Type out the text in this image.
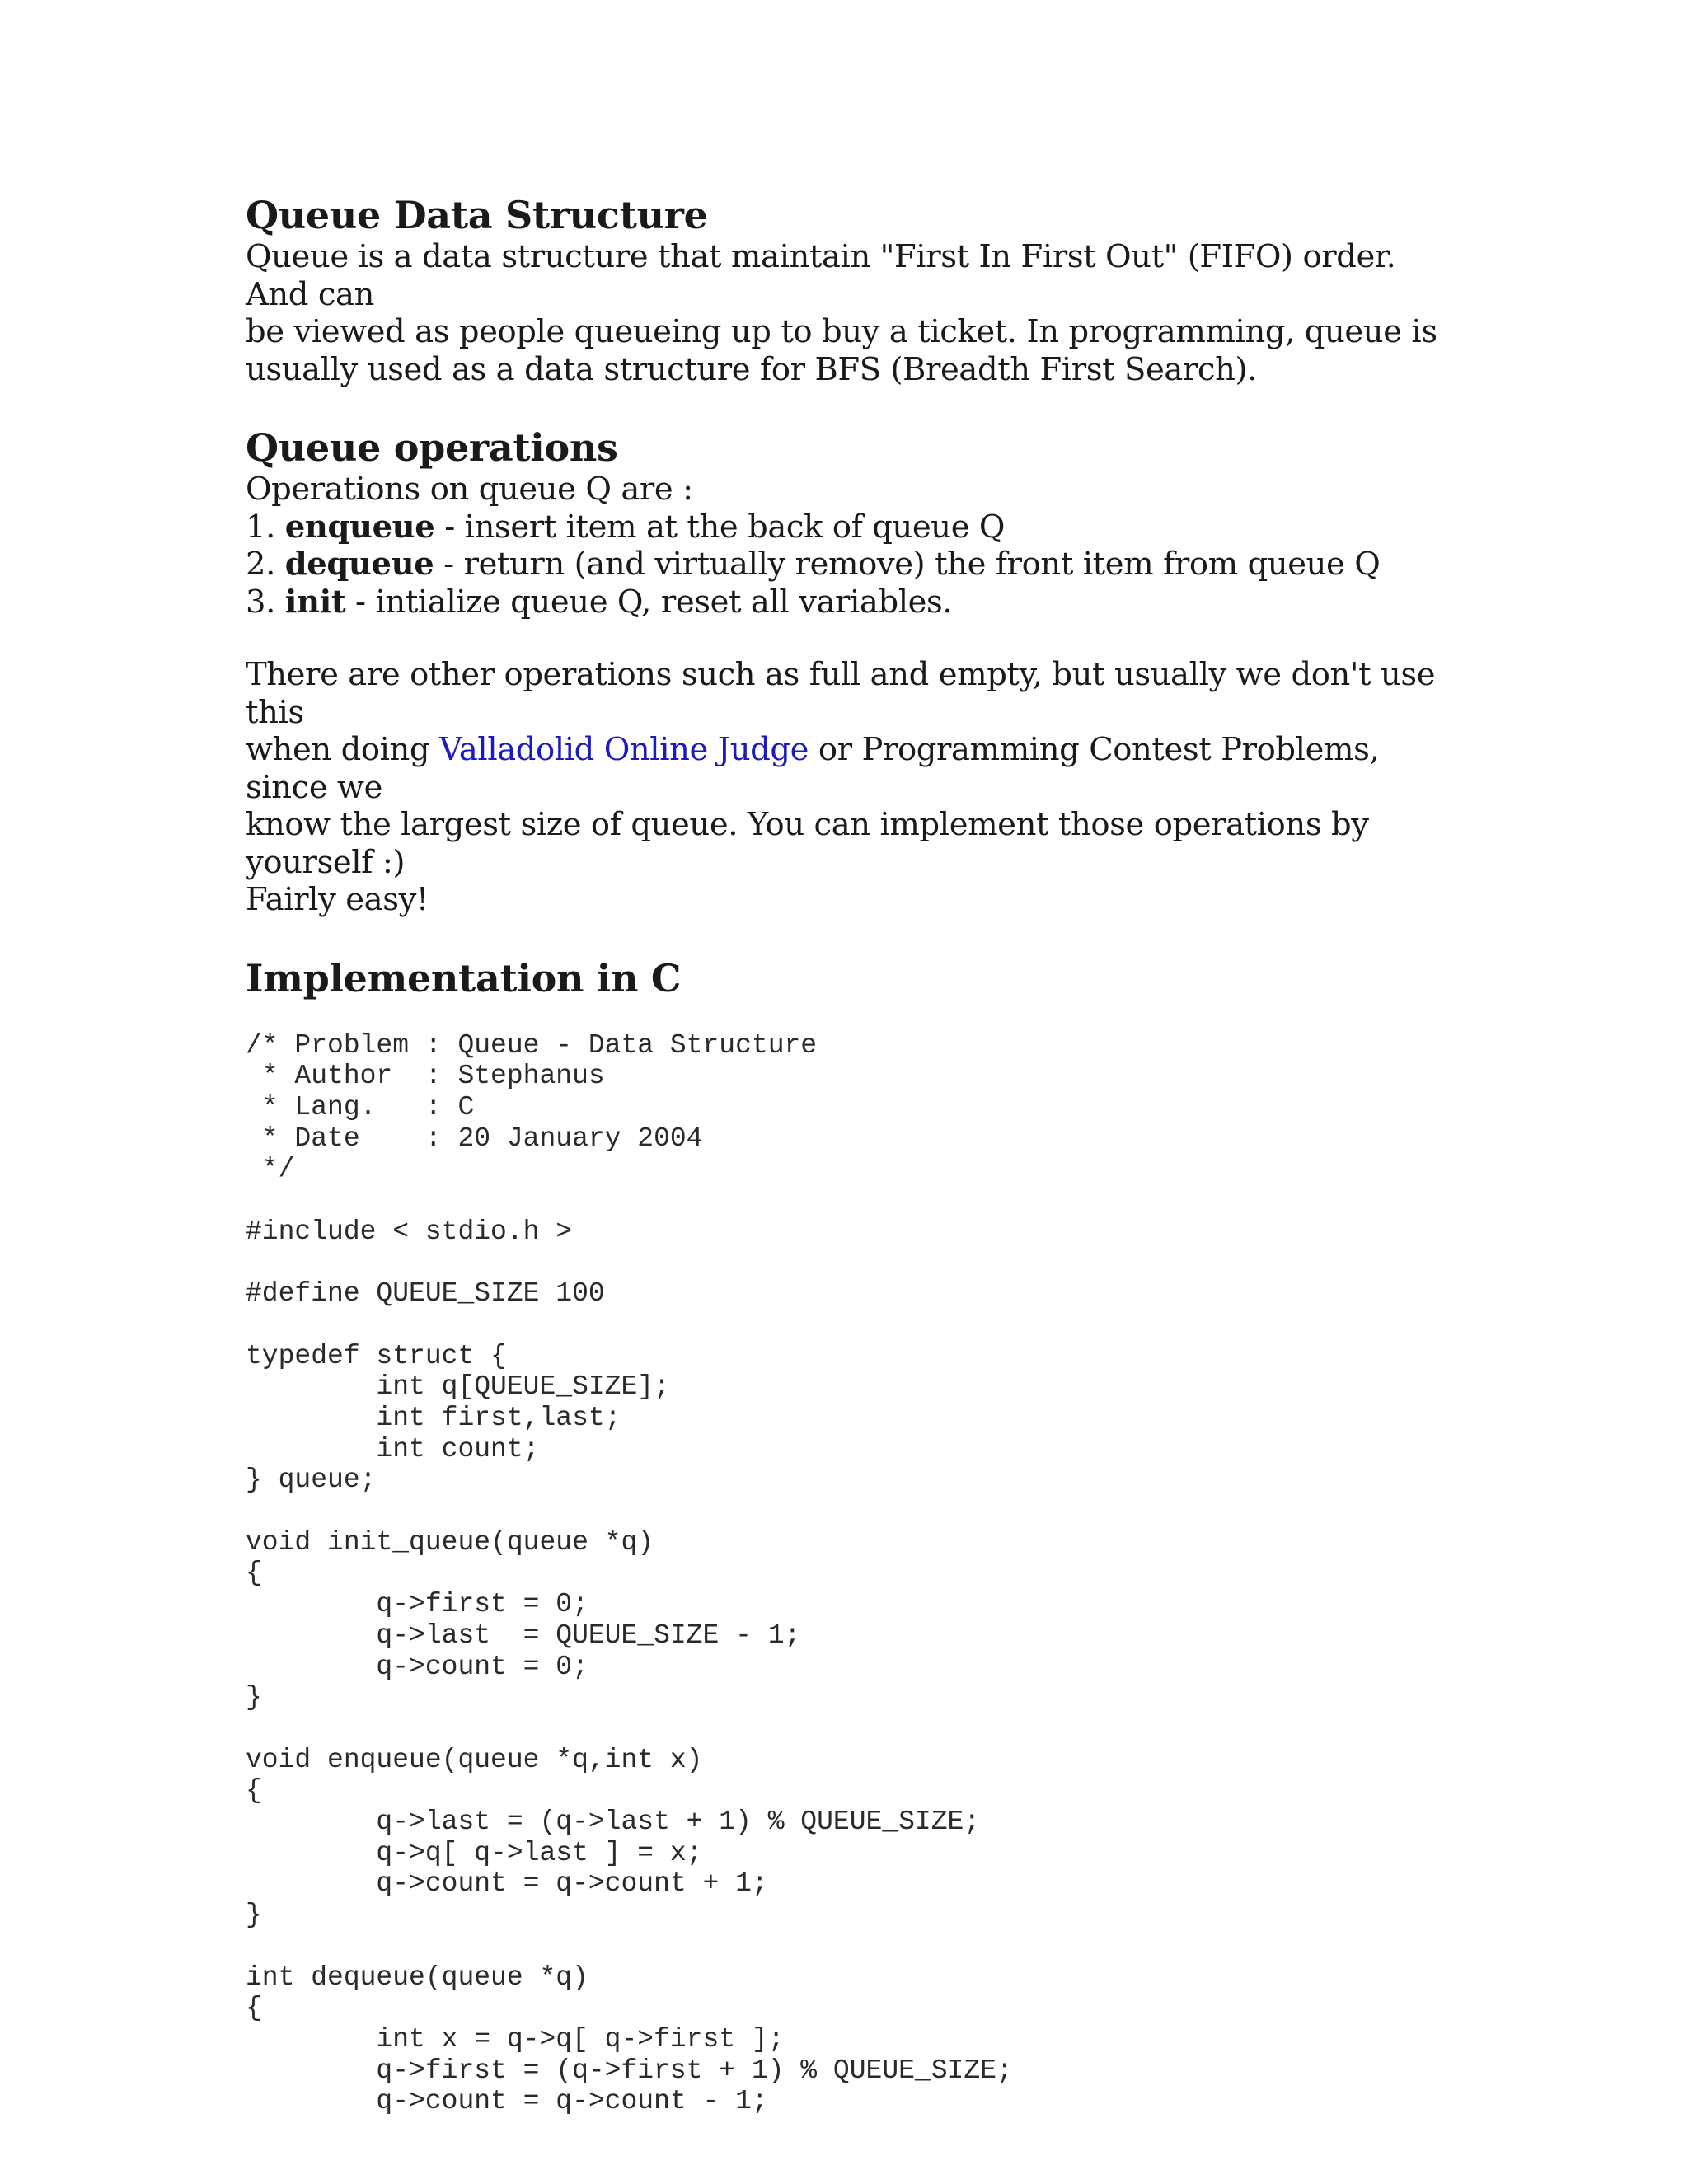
Queue Data Structure

Queue is a data structure that maintain "First In First Out" (FIFO) order. And can
be viewed as people queueing up to buy a ticket. In programming, queue is
usually used as a data structure for BFS (Breadth First Search).

Queue operations
Operations on queue Q are :
1. enqueue - insert item at the back of queue Q
2. dequeue - return (and virtually remove) the front item from queue Q
3. init - intialize queue Q, reset all variables.

There are other operations such as full and empty, but usually we don't use this
when doing Valladolid Online Judge or Programming Contest Problems, since we
know the largest size of queue. You can implement those operations by yourself :)
Fairly easy!

Implementation in C
/* Problem : Queue - Data Structure
* Author  : Stephanus
* Lang.   : C
* Date    : 20 January 2004
*/

#include < stdio.h >

#define QUEUE_SIZE 100

typedef struct {
int q[QUEUE_SIZE];
int first,last;
int count;
} queue;

void init_queue(queue *q)
{
q->first = 0;
q->last  = QUEUE_SIZE - 1;
q->count = 0;
}

void enqueue(queue *q,int x)
{
q->last = (q->last + 1) % QUEUE_SIZE;
q->q[ q->last ] = x;
q->count = q->count + 1;
}

int dequeue(queue *q)
{
int x = q->q[ q->first ];
q->first = (q->first + 1) % QUEUE_SIZE;
q->count = q->count - 1;
